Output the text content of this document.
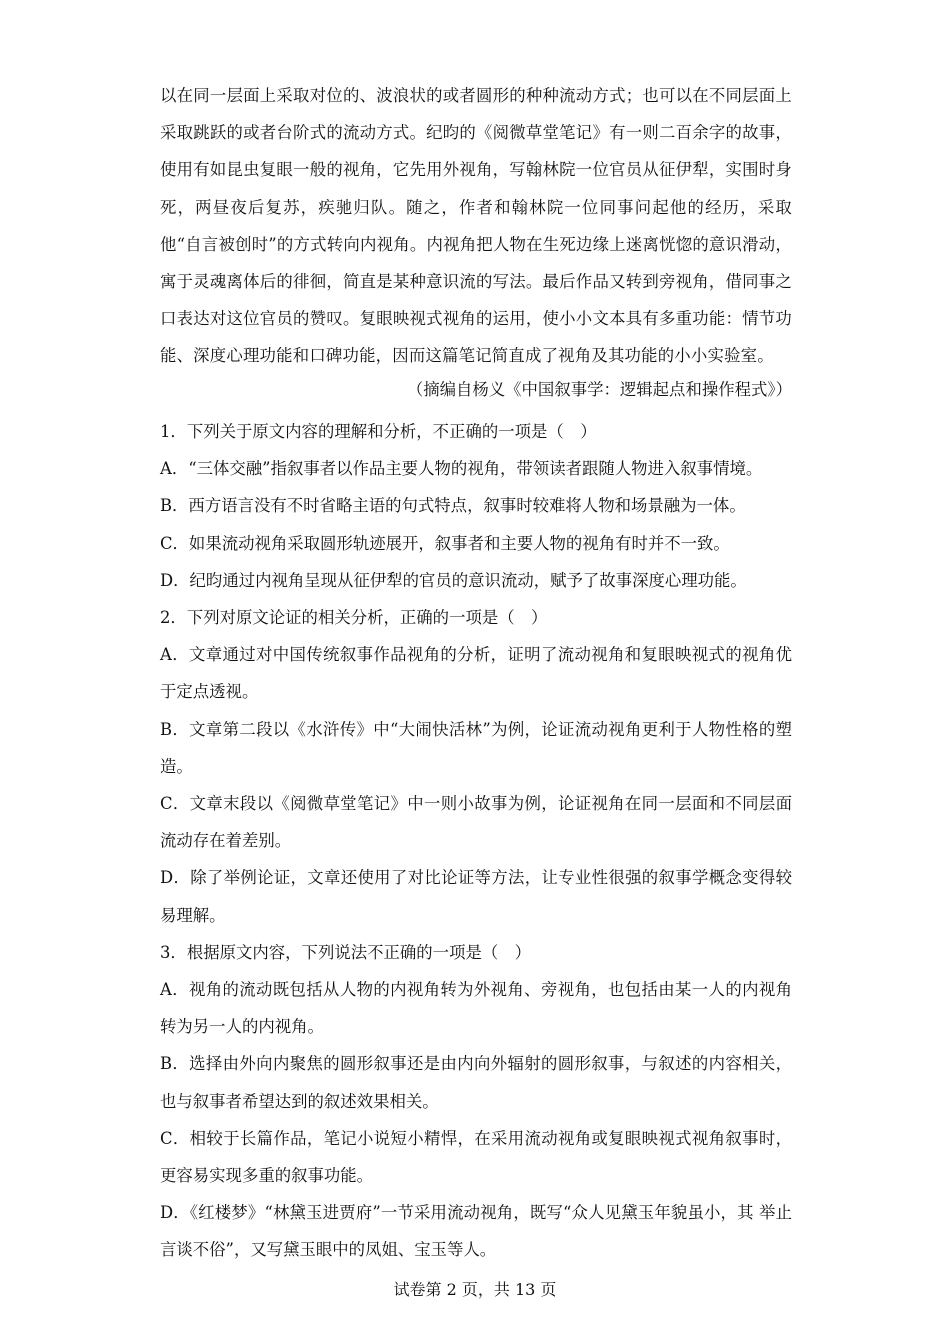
以在同一层面上采取对位的、波浪状的或者圆形的种种流动方式；也可以在不同层面上采取跳跃的或者台阶式的流动方式。纪昀的《阅微草堂笔记》有一则二百余字的故事，使用有如昆虫复眼一般的视角，它先用外视角，写翰林院一位官员从征伊犁，实围时身死，两昼夜后复苏，疾驰归队。随之，作者和翰林院一位同事问起他的经历，采取他“自言被创时”的方式转向内视角。内视角把人物在生死边缘上迷离恍惚的意识滑动，寓于灵魂离体后的徘徊，简直是某种意识流的写法。最后作品又转到旁视角，借同事之口表达对这位官员的赞叹。复眼映视式视角的运用，使小小文本具有多重功能：情节功能、深度心理功能和口碑功能，因而这篇笔记简直成了视角及其功能的小小实验室。

（摘编自杨义《中国叙事学：逻辑起点和操作程式》）
1．下列关于原文内容的理解和分析，不正确的一项是（　）
A．“三体交融”指叙事者以作品主要人物的视角，带领读者跟随人物进入叙事情境。
B．西方语言没有不时省略主语的句式特点，叙事时较难将人物和场景融为一体。
C．如果流动视角采取圆形轨迹展开，叙事者和主要人物的视角有时并不一致。
D．纪昀通过内视角呈现从征伊犁的官员的意识流动，赋予了故事深度心理功能。
2．下列对原文论证的相关分析，正确的一项是（　）
A．文章通过对中国传统叙事作品视角的分析，证明了流动视角和复眼映视式的视角优于定点透视。
B．文章第二段以《水浒传》中“大闹快活林”为例，论证流动视角更利于人物性格的塑造。
C．文章末段以《阅微草堂笔记》中一则小故事为例，论证视角在同一层面和不同层面流动存在着差别。
D．除了举例论证，文章还使用了对比论证等方法，让专业性很强的叙事学概念变得较易理解。
3．根据原文内容，下列说法不正确的一项是（　）
A．视角的流动既包括从人物的内视角转为外视角、旁视角，也包括由某一人的内视角转为另一人的内视角。
B．选择由外向内聚焦的圆形叙事还是由内向外辐射的圆形叙事，与叙述的内容相关，也与叙事者希望达到的叙述效果相关。
C．相较于长篇作品，笔记小说短小精悍，在采用流动视角或复眼映视式视角叙事时，更容易实现多重的叙事功能。
D．《红楼梦》“林黛玉进贾府”一节采用流动视角，既写“众人见黛玉年貌虽小，其 举止言谈不俗”，又写黛玉眼中的凤姐、宝玉等人。
试卷第 2 页，共 13 页
